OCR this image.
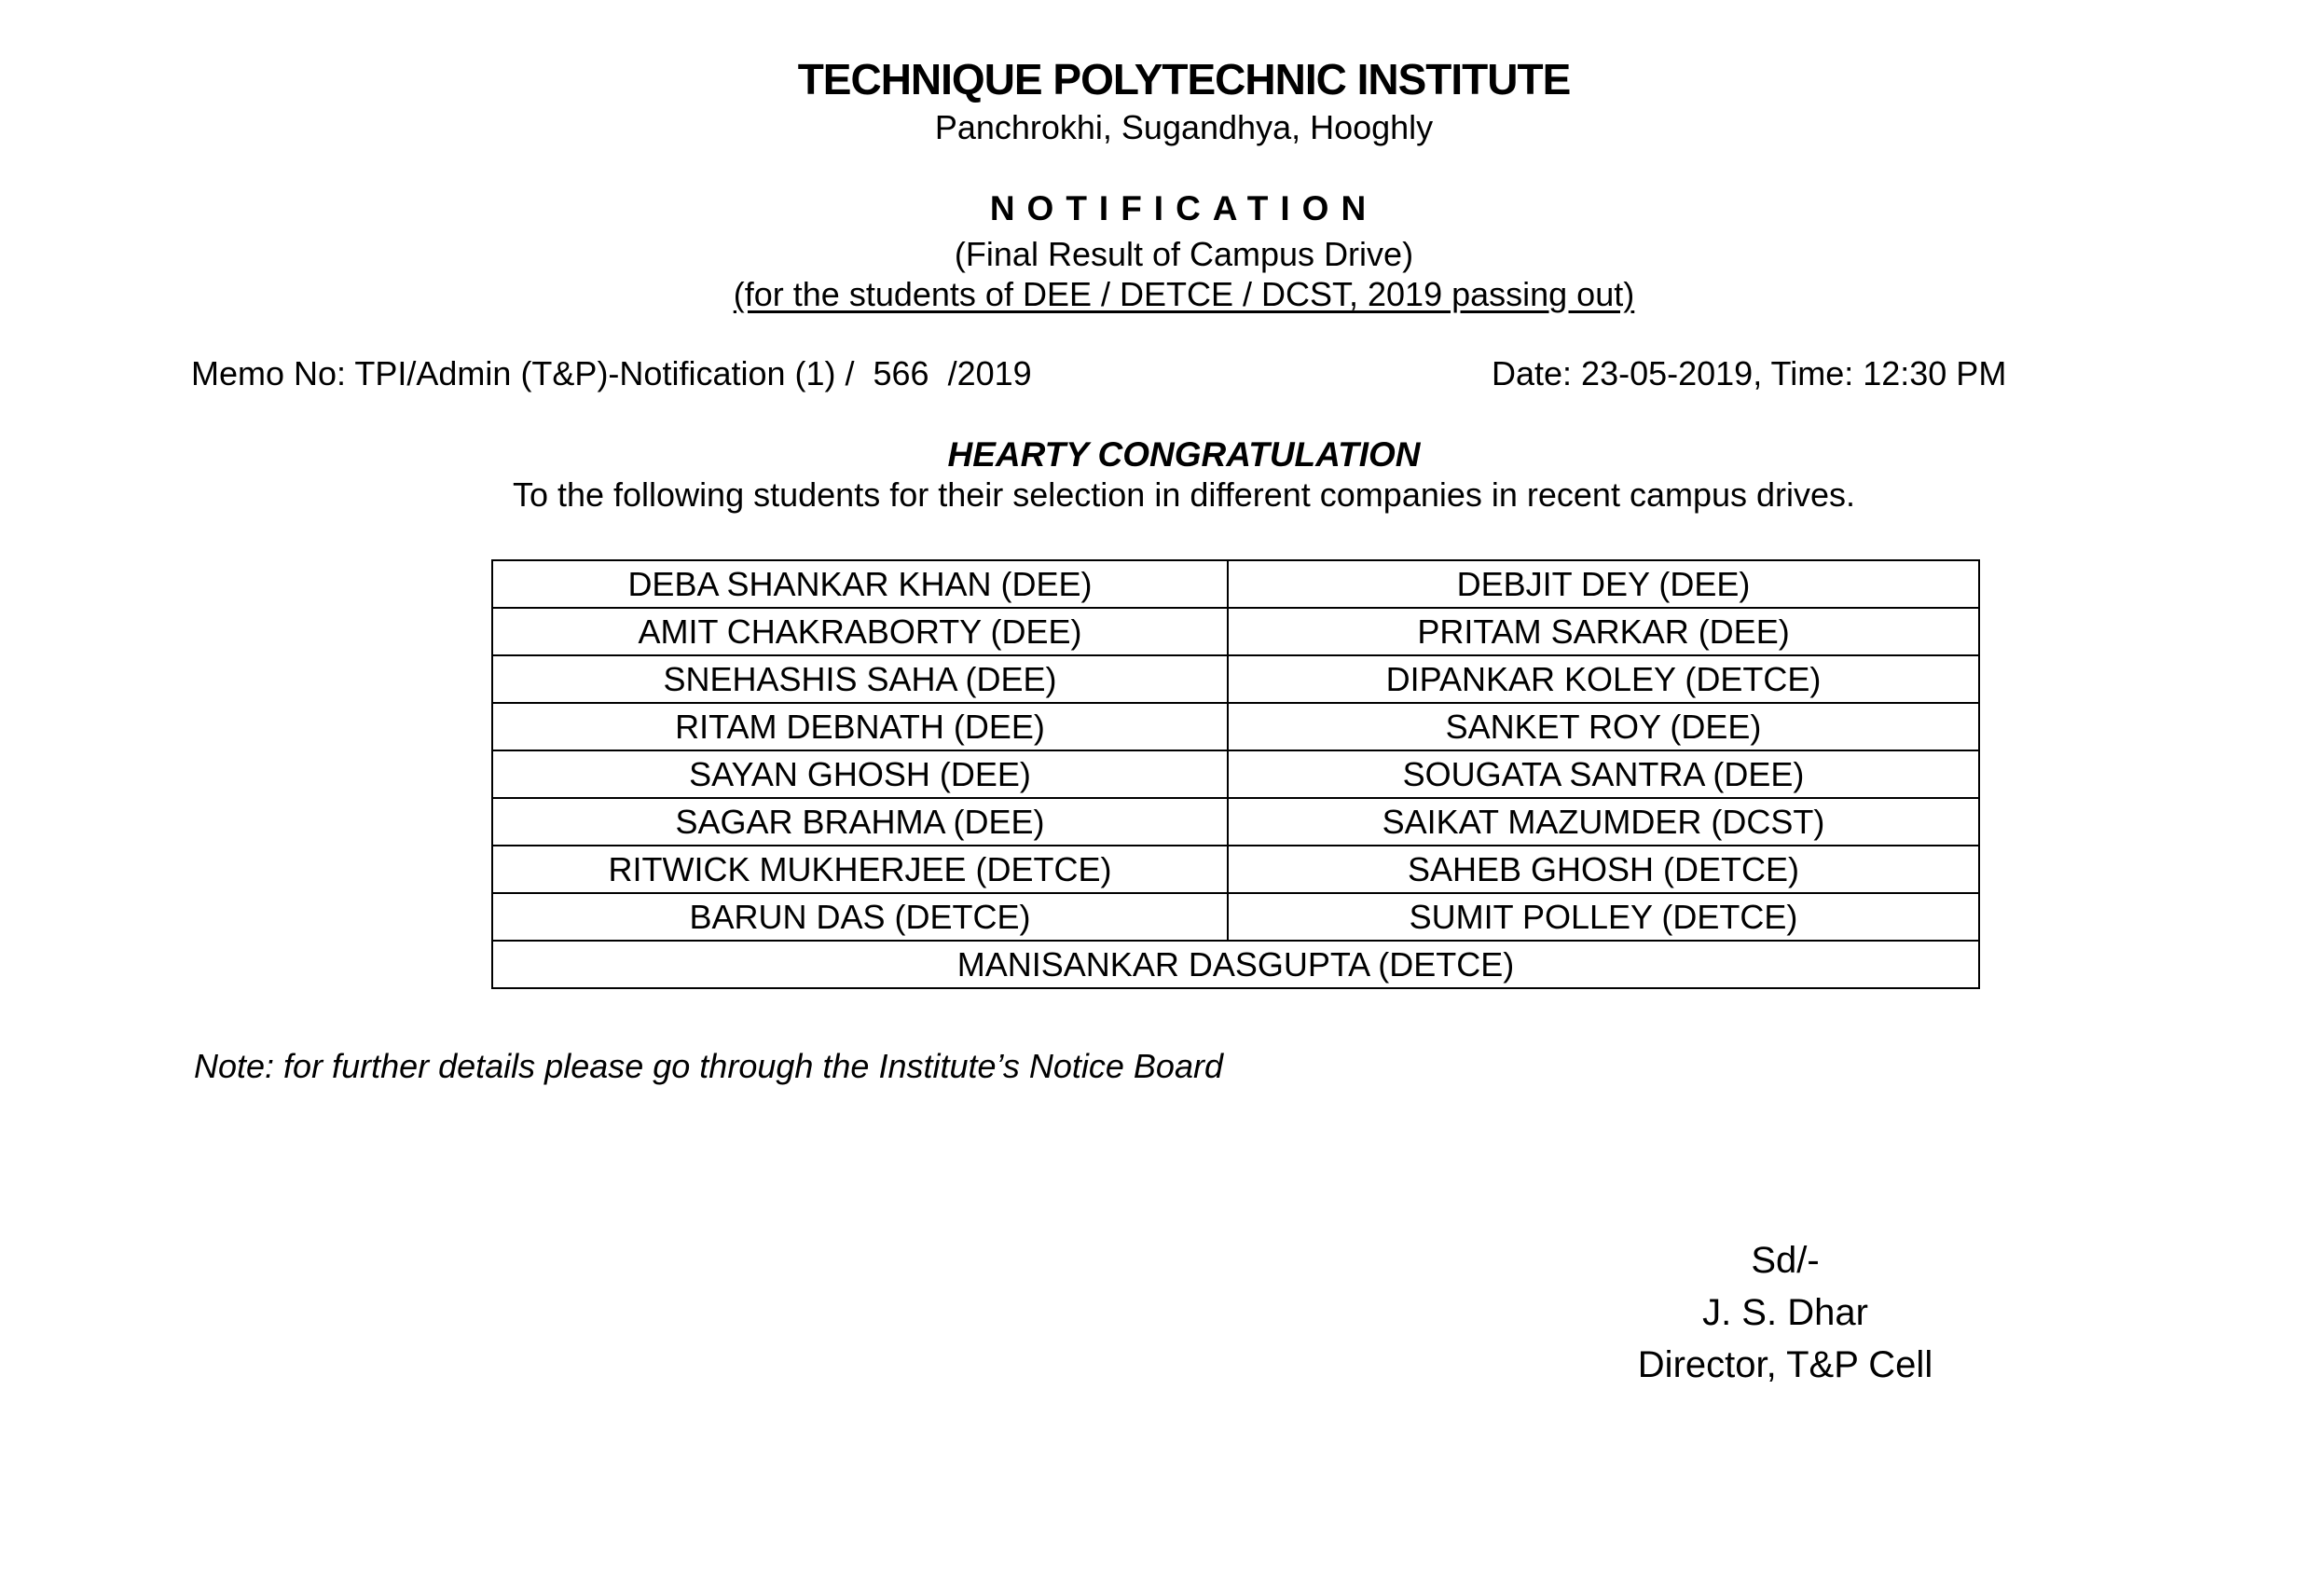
TECHNIQUE POLYTECHNIC INSTITUTE
Panchrokhi, Sugandhya, Hooghly
NOTIFICATION
(Final Result of Campus Drive)
(for the students of DEE / DETCE / DCST, 2019 passing out)
Memo No: TPI/Admin (T&P)-Notification (1) /  566  /2019	Date: 23-05-2019, Time: 12:30 PM
HEARTY CONGRATULATION
To the following students for their selection in different companies in recent campus drives.
DEBA SHANKAR KHAN (DEE)	DEBJIT DEY (DEE)
AMIT CHAKRABORTY (DEE)	PRITAM SARKAR (DEE)
SNEHASHIS SAHA (DEE)	DIPANKAR KOLEY (DETCE)
RITAM DEBNATH (DEE)	SANKET ROY (DEE)
SAYAN GHOSH (DEE)	SOUGATA SANTRA (DEE)
SAGAR BRAHMA (DEE)	SAIKAT MAZUMDER (DCST)
RITWICK MUKHERJEE (DETCE)	SAHEB GHOSH (DETCE)
BARUN DAS (DETCE)	SUMIT POLLEY (DETCE)
MANISANKAR DASGUPTA (DETCE)	
Note: for further details please go through the Institute’s Notice Board
Sd/-
J. S. Dhar
Director, T&P Cell
